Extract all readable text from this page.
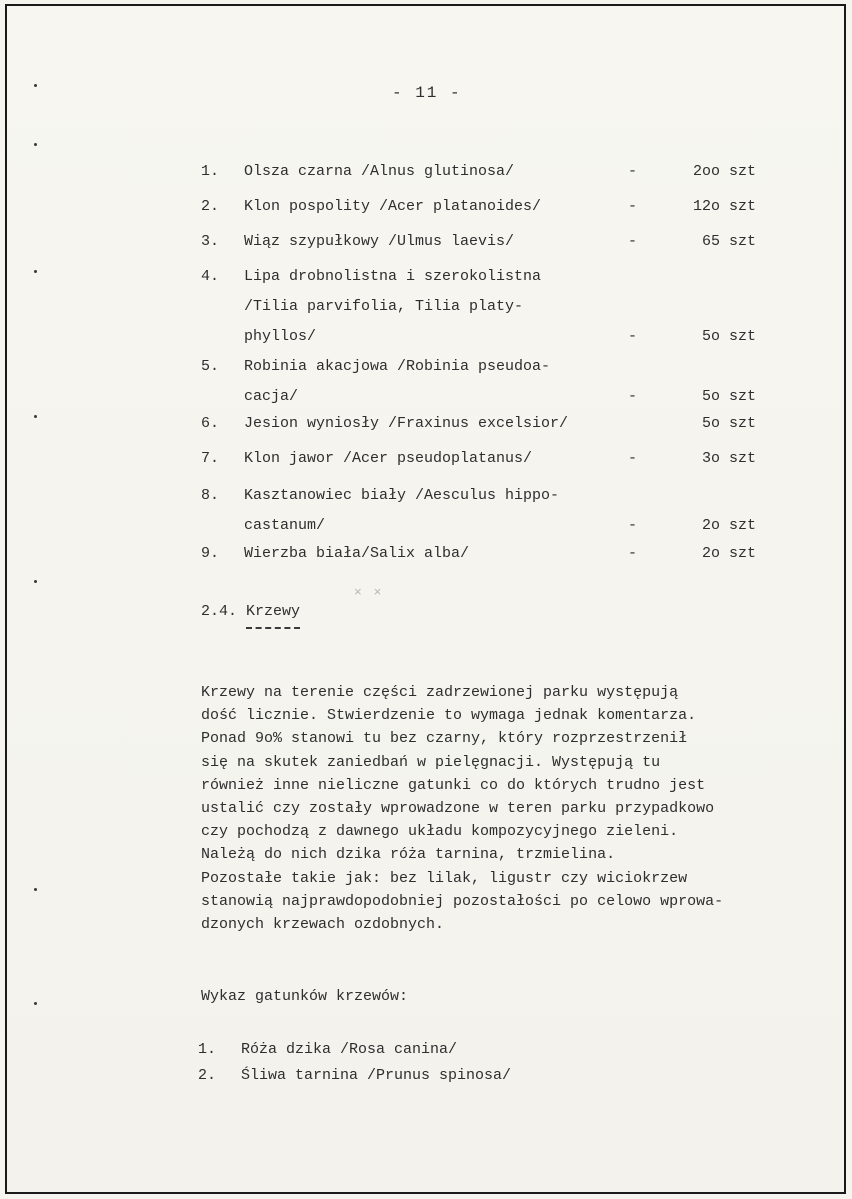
- 11 -
1. Olsza czarna /Alnus glutinosa/	-	2oo szt
2. Klon pospolity /Acer platanoides/	-	12o szt
3. Wiąz szypułkowy /Ulmus laevis/	-	65 szt
4. Lipa drobnolistna i szerokolistna
/Tilia parvifolia, Tilia platy-
phyllos/	-	5o szt
5. Robinia akacjowa /Robinia pseudoa-
cacja/	-	5o szt
6. Jesion wyniosły /Fraxinus excelsior/	5o szt
7. Klon jawor /Acer pseudoplatanus/	-	3o szt
8. Kasztanowiec biały /Aesculus hippo-
castanum/	-	2o szt
9. Wierzba biała/Salix alba/	-	2o szt
× ×
2.4. Krzewy
Krzewy na terenie części zadrzewionej parku występują
dość licznie. Stwierdzenie to wymaga jednak komentarza.
Ponad 9o% stanowi tu bez czarny, który rozprzestrzenił
się na skutek zaniedbań w pielęgnacji. Występują tu
również inne nieliczne gatunki co do których trudno jest
ustalić czy zostały wprowadzone w teren parku przypadkowo
czy pochodzą z dawnego układu kompozycyjnego zieleni.
Należą do nich dzika róża tarnina, trzmielina.
Pozostałe takie jak: bez lilak, ligustr czy wiciokrzew
stanowią najprawdopodobniej pozostałości po celowo wprowa-
dzonych krzewach ozdobnych.
Wykaz gatunków krzewów:
1. Róża dzika /Rosa canina/
2. Śliwa tarnina /Prunus spinosa/
